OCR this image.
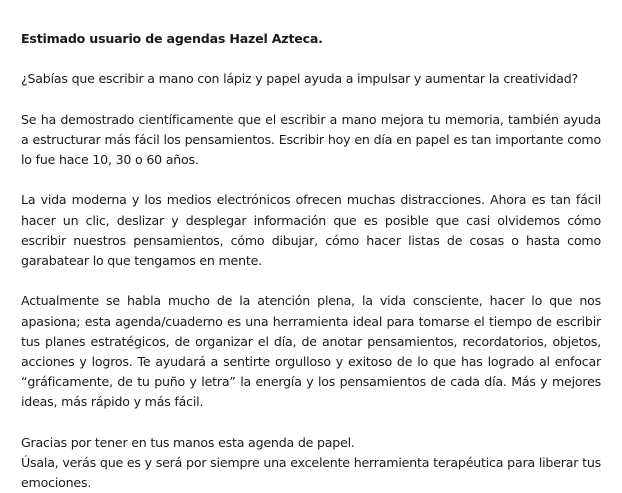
Estimado usuario de agendas Hazel Azteca.

¿Sabías que escribir a mano con lápiz y papel ayuda a impulsar y aumentar la creatividad?

Se ha demostrado científicamente que el escribir a mano mejora tu memoria, también ayuda a estructurar más fácil los pensamientos. Escribir hoy en día en papel es tan importante como lo fue hace 10, 30 o 60 años.

La vida moderna y los medios electrónicos ofrecen muchas distracciones. Ahora es tan fácil hacer un clic, deslizar y desplegar información que es posible que casi olvidemos cómo escribir nuestros pensamientos, cómo dibujar, cómo hacer listas de cosas o hasta como garabatear lo que tengamos en mente.

Actualmente se habla mucho de la atención plena, la vida consciente, hacer lo que nos apasiona; esta agenda/cuaderno es una herramienta ideal para tomarse el tiempo de escribir tus planes estratégicos, de organizar el día, de anotar pensamientos, recordatorios, objetos, acciones y logros. Te ayudará a sentirte orgulloso y exitoso de lo que has logrado al enfocar “gráficamente, de tu puño y letra” la energía y los pensamientos de cada día. Más y mejores ideas, más rápido y más fácil.

Gracias por tener en tus manos esta agenda de papel.
Úsala, verás que es y será por siempre una excelente herramienta terapéutica para liberar tus emociones.
